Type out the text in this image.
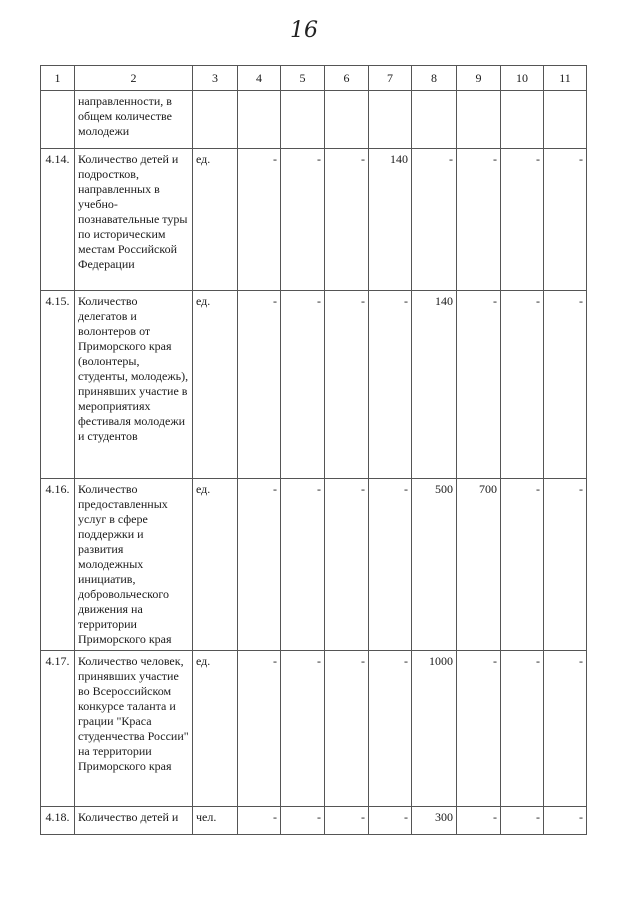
16
1	2	3	4	5	6	7	8	9	10	11
	направленности, в общем количестве молодежи									
4.14.	Количество детей и подростков, направленных в учебно-познавательные туры по историческим местам Российской Федерации	ед.	-	-	-	140	-	-	-	-
4.15.	Количество делегатов и волонтеров от Приморского края (волонтеры, студенты, молодежь), принявших участие в мероприятиях фестиваля молодежи и студентов	ед.	-	-	-	-	140	-	-	-
4.16.	Количество предоставленных услуг в сфере поддержки и развития молодежных инициатив, добровольческого движения на территории Приморского края	ед.	-	-	-	-	500	700	-	-
4.17.	Количество человек, принявших участие во Всероссийском конкурсе таланта и грации "Краса студенчества России" на территории Приморского края	ед.	-	-	-	-	1000	-	-	-
4.18.	Количество детей и	чел.	-	-	-	-	300	-	-	-
